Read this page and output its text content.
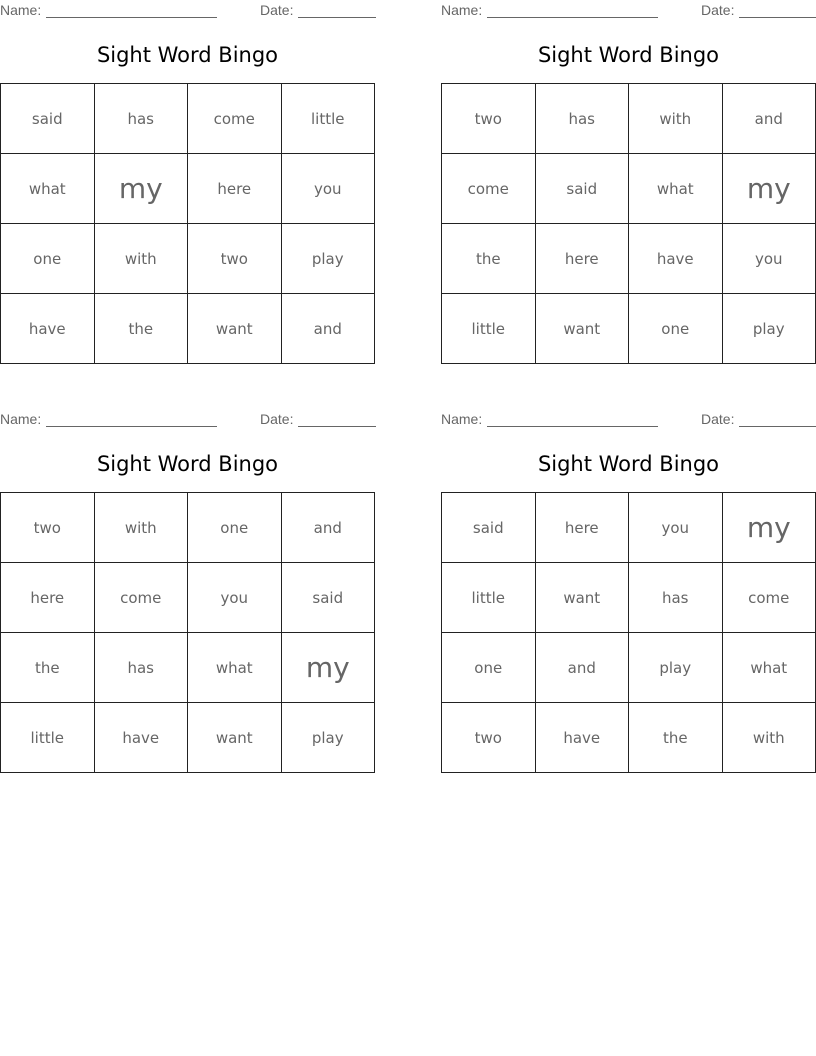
Name:	Date:
Sight Word Bingo
said	has	come	little
what	my	here	you
one	with	two	play
have	the	want	and
Name:	Date:
Sight Word Bingo
two	has	with	and
come	said	what	my
the	here	have	you
little	want	one	play
Name:	Date:
Sight Word Bingo
two	with	one	and
here	come	you	said
the	has	what	my
little	have	want	play
Name:	Date:
Sight Word Bingo
said	here	you	my
little	want	has	come
one	and	play	what
two	have	the	with
